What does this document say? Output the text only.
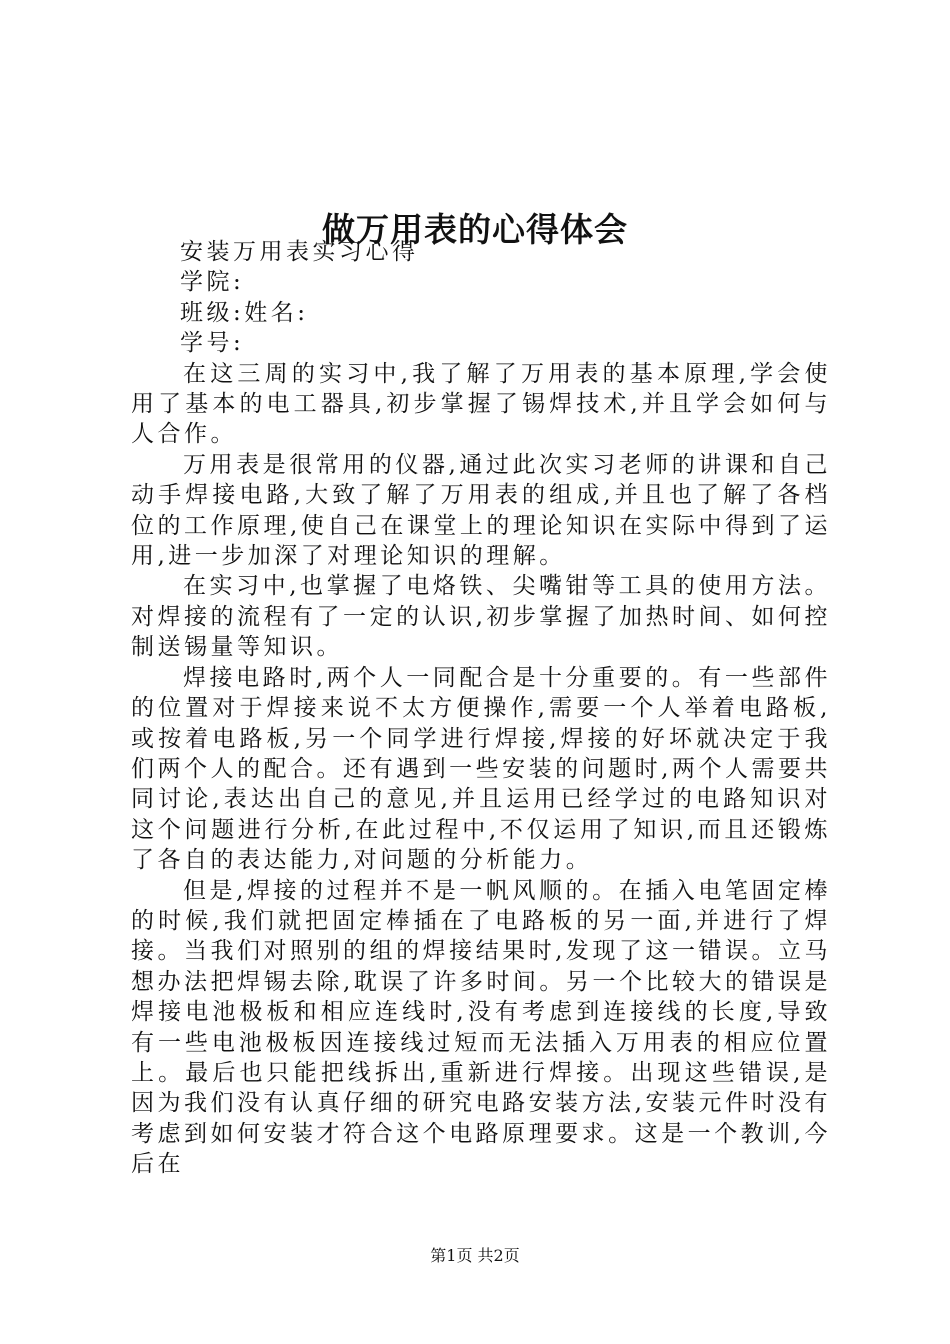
做万用表的心得体会

安装万用表实习心得

学院:

班级:姓名:

学号:

在这三周的实习中,我了解了万用表的基本原理,学会使用了基本的电工器具,初步掌握了锡焊技术,并且学会如何与人合作。

万用表是很常用的仪器,通过此次实习老师的讲课和自己动手焊接电路,大致了解了万用表的组成,并且也了解了各档位的工作原理,使自己在课堂上的理论知识在实际中得到了运用,进一步加深了对理论知识的理解。

在实习中,也掌握了电烙铁、尖嘴钳等工具的使用方法。对焊接的流程有了一定的认识,初步掌握了加热时间、如何控制送锡量等知识。

焊接电路时,两个人一同配合是十分重要的。有一些部件的位置对于焊接来说不太方便操作,需要一个人举着电路板,或按着电路板,另一个同学进行焊接,焊接的好坏就决定于我们两个人的配合。还有遇到一些安装的问题时,两个人需要共同讨论,表达出自己的意见,并且运用已经学过的电路知识对这个问题进行分析,在此过程中,不仅运用了知识,而且还锻炼了各自的表达能力,对问题的分析能力。

但是,焊接的过程并不是一帆风顺的。在插入电笔固定棒的时候,我们就把固定棒插在了电路板的另一面,并进行了焊接。当我们对照别的组的焊接结果时,发现了这一错误。立马想办法把焊锡去除,耽误了许多时间。另一个比较大的错误是焊接电池极板和相应连线时,没有考虑到连接线的长度,导致有一些电池极板因连接线过短而无法插入万用表的相应位置上。最后也只能把线拆出,重新进行焊接。出现这些错误,是因为我们没有认真仔细的研究电路安装方法,安装元件时没有考虑到如何安装才符合这个电路原理要求。这是一个教训,今后在

第1页 共2页
